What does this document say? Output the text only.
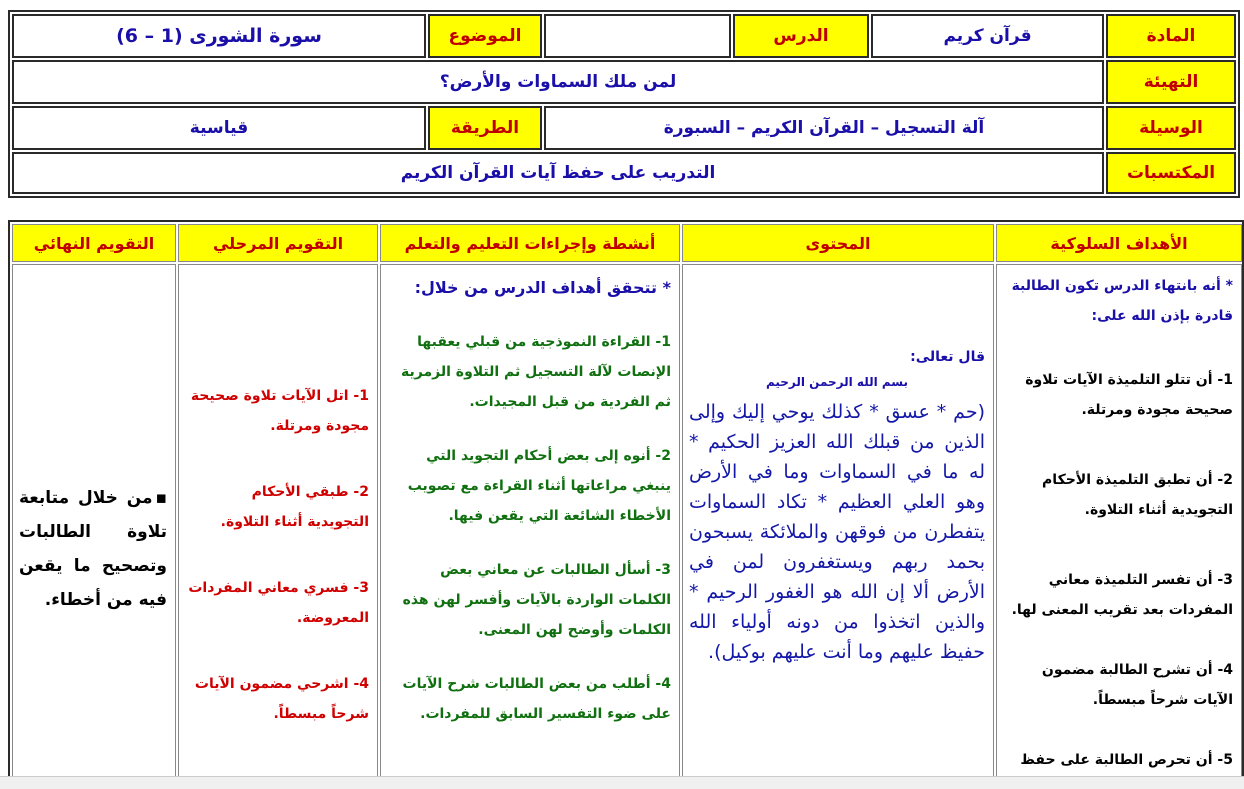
المادة
قرآن كريم
الدرس
الموضوع
سورة الشورى (1 – 6)
التهيئة
لمن ملك السماوات والأرض؟
الوسيلة
آلة التسجيل – القرآن الكريم – السبورة
الطريقة
قياسية
المكتسبات
التدريب على حفظ آيات القرآن الكريم
الأهداف السلوكية
المحتوى
أنشطة وإجراءات التعليم والتعلم
التقويم المرحلي
التقويم النهائي

* أنه بانتهاء الدرس تكون الطالبة قادرة بإذن الله على:

1- أن تتلو التلميذة الآيات تلاوة صحيحة مجودة ومرتلة.

2- أن تطبق التلميذة الأحكام التجويدية أثناء التلاوة.

3- أن تفسر التلميذة معاني المفردات بعد تقريب المعنى لها.

4- أن تشرح الطالبة مضمون الآيات شرحاً مبسطاً.

5- أن تحرص الطالبة على حفظ

قال تعالى:

بسم الله الرحمن الرحيم

(حم * عسق * كذلك يوحي إليك وإلى الذين من قبلك الله العزيز الحكيم * له ما في السماوات وما في الأرض وهو العلي العظيم * تكاد السماوات يتفطرن من فوقهن والملائكة يسبحون بحمد ربهم ويستغفرون لمن في الأرض ألا إن الله هو الغفور الرحيم * والذين اتخذوا من دونه أولياء الله حفيظ عليهم وما أنت عليهم بوكيل).

* تتحقق أهداف الدرس من خلال:

1- القراءة النموذجية من قبلي يعقبها الإنصات لآلة التسجيل ثم التلاوة الزمرية ثم الفردية من قبل المجيدات.

2- أنوه إلى بعض أحكام التجويد التي ينبغي مراعاتها أثناء القراءة مع تصويب الأخطاء الشائعة التي يقعن فيها.

3- أسأل الطالبات عن معاني بعض الكلمات الواردة بالآيات وأفسر لهن هذه الكلمات وأوضح لهن المعنى.

4- أطلب من بعض الطالبات شرح الآيات على ضوء التفسير السابق للمفردات.

1- اتل الآيات تلاوة صحيحة مجودة ومرتلة.

2- طبقي الأحكام التجويدية أثناء التلاوة.

3- فسري معاني المفردات المعروضة.

4- اشرحي مضمون الآيات شرحاً مبسطاً.

▪من خلال متابعة تلاوة الطالبات وتصحيح ما يقعن فيه من أخطاء.
